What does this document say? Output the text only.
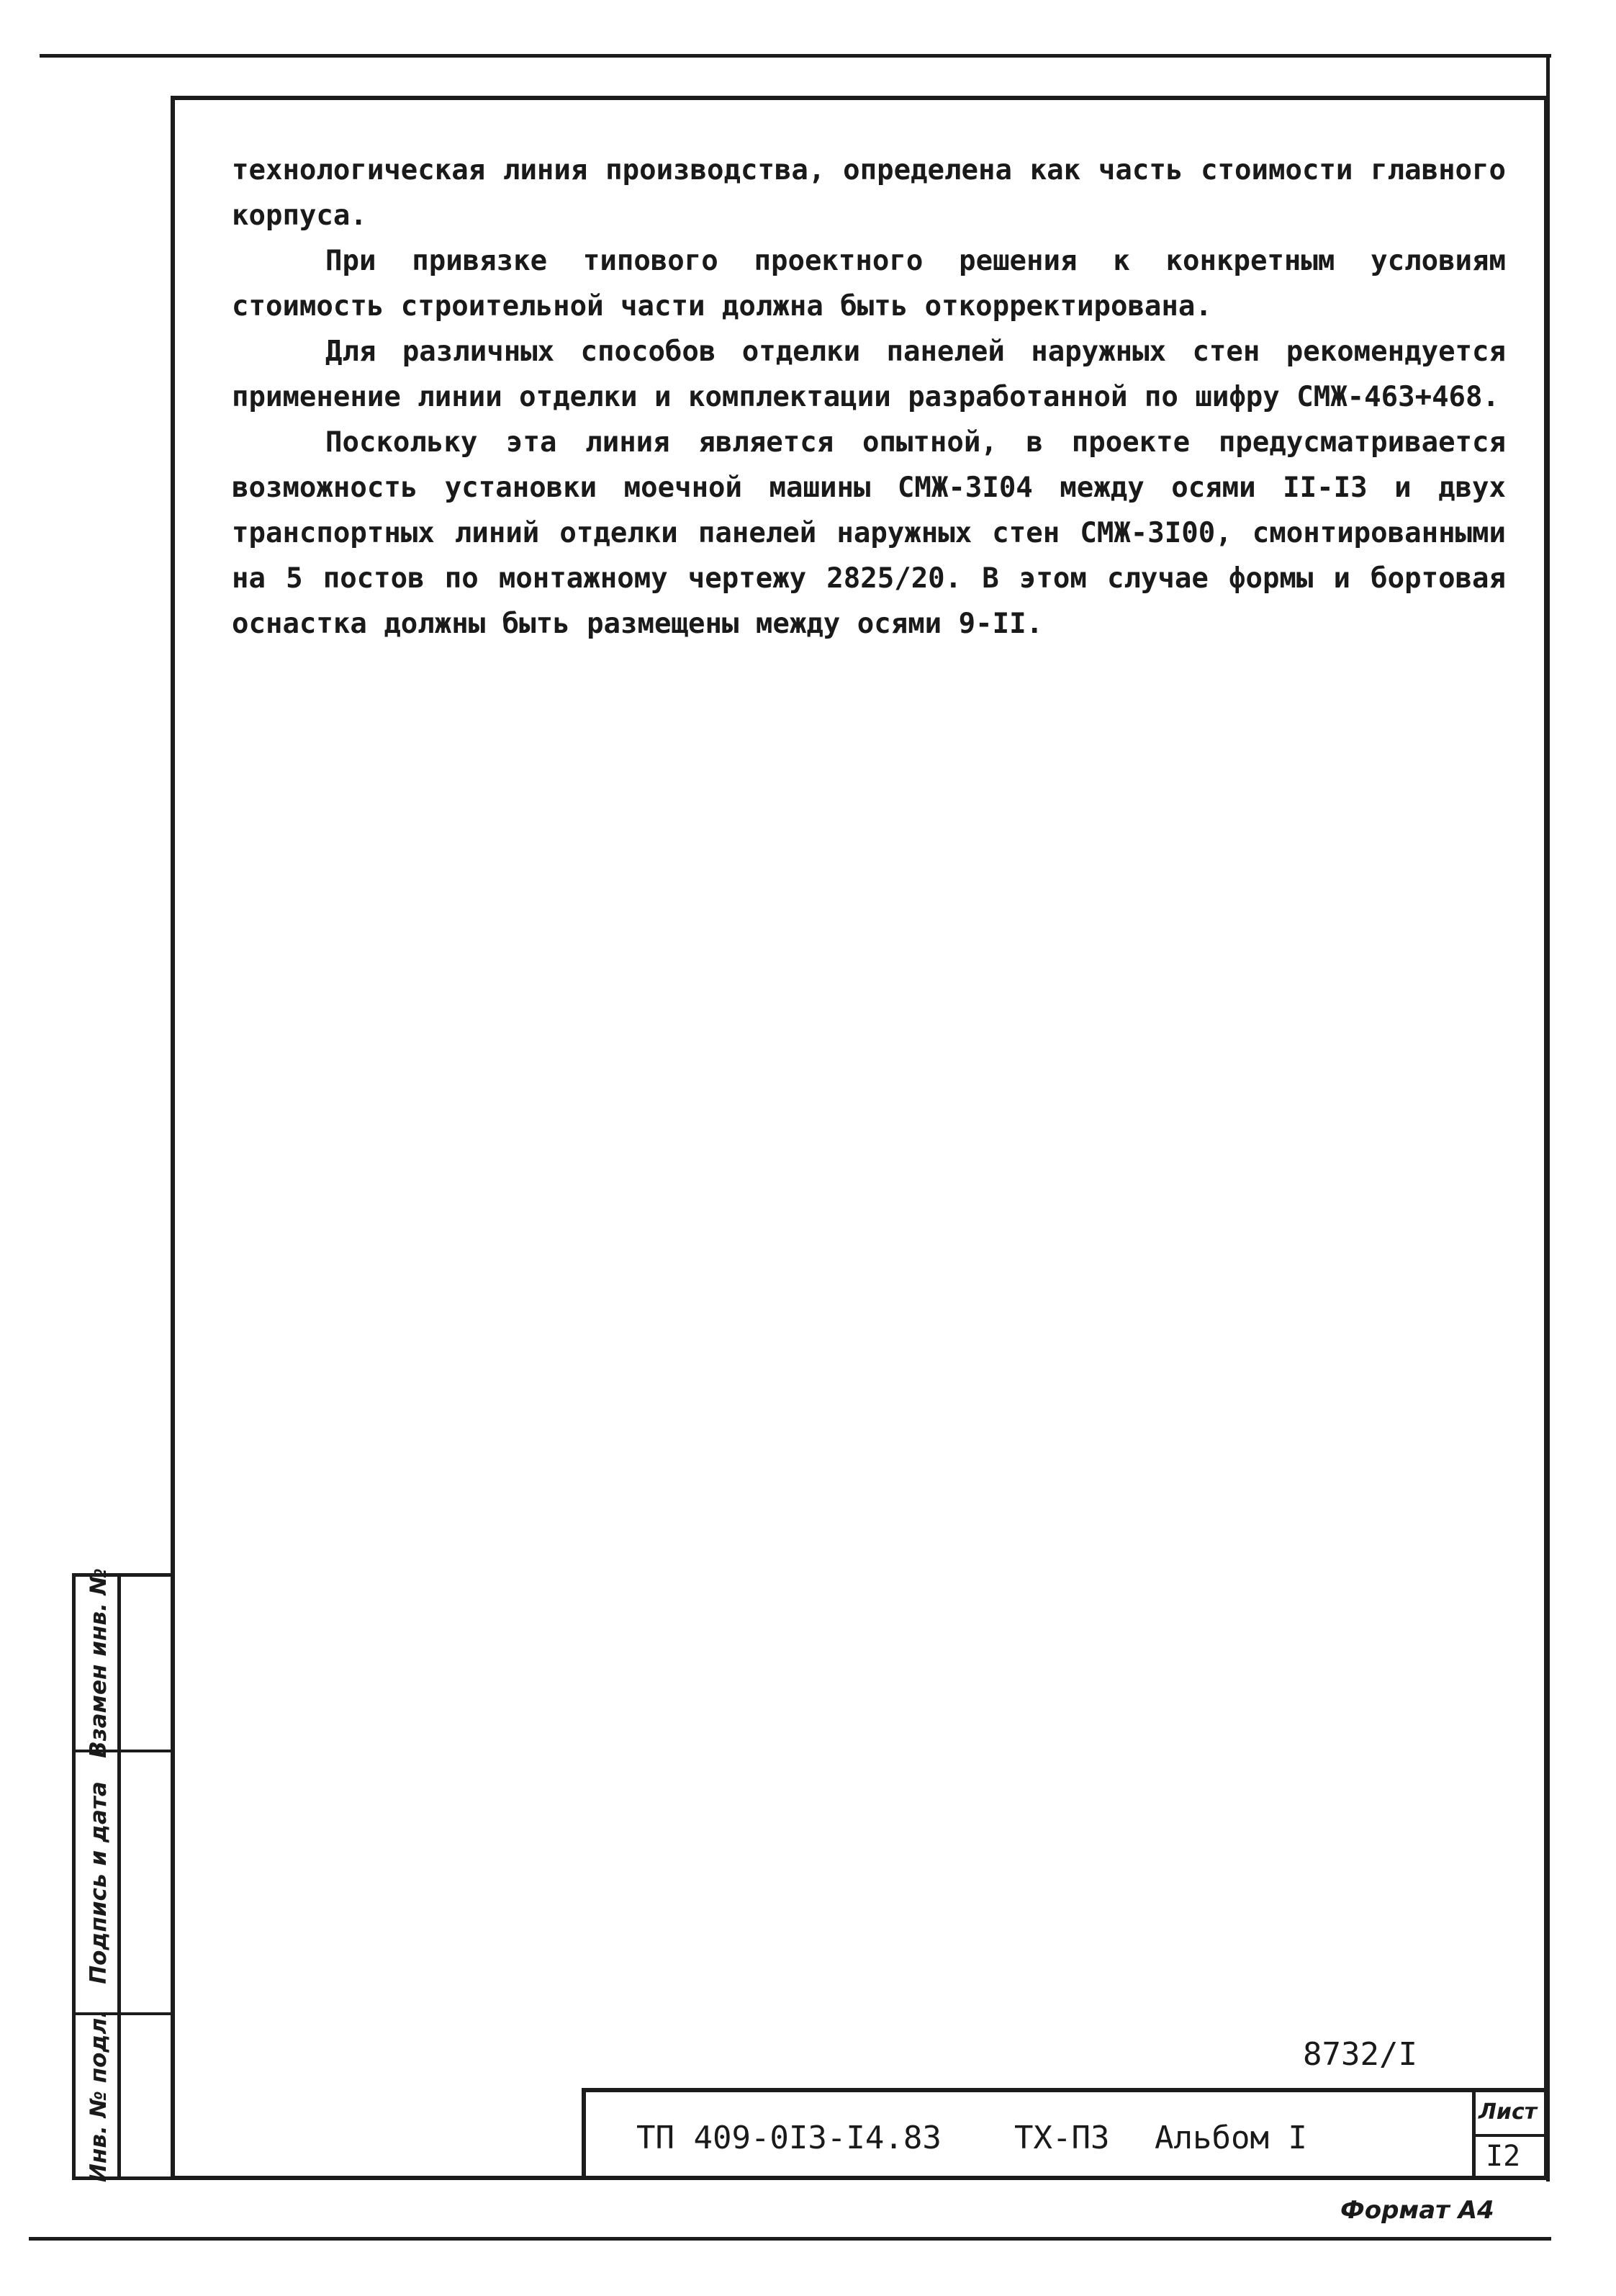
технологическая линия производства, определена как часть стоимости главного корпуса.

При привязке типового проектного решения к конкретным условиям стоимость строительной части должна быть откорректирована.

Для различных способов отделки панелей наружных стен рекомендуется применение линии отделки и комплектации разработанной по шифру СМЖ-463+468.

Поскольку эта линия является опытной, в проекте предусматривается возможность установки моечной машины СМЖ-3I04 между осями II-I3 и двух транспортных линий отделки панелей наружных стен СМЖ-3I00, смонтированными на 5 постов по монтажному чертежу 2825/20. В этом случае формы и бортовая оснастка должны быть размещены между осями 9-II.

8732/I
ТП 409-0I3-I4.83 ТХ-ПЗ Альбом I
Лист
I2
Формат А4
Взамен инв. №
Подпись и дата
Инв. № подл.
